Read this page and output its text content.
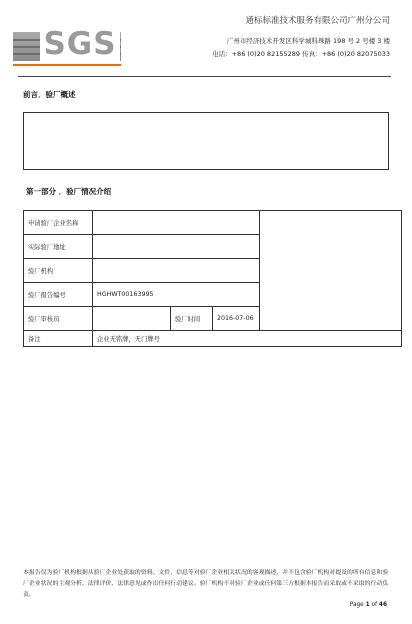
SGS
通标标准技术服务有限公司广州分公司
广州市经济技术开发区科学城科珠路 198 号 2 号楼 3 楼
电话：+86 (0)20 82155289 传真：+86 (0)20 82075033
前言．验厂概述
第一部分 ．验厂情况介绍
申请验厂企业名称				
实际验厂地址				
验厂机构				
验厂报告编号	HGHWT00163995			
验厂审核员		验厂时间	2016-07-06	
备注	企业无铭牌，无门牌号			
本报告仅为验厂机构根据从验厂企业处获取的资料、文件、信息等对验厂企业相关状况的客观描述，并不包含验厂机构对提及的所有信息和验厂企业状况的主观分析、法律评价、法律意见或作出任何行动建议。验厂机构不对验厂企业或任何第三方根据本报告而采取或不采取的行动负责。
Page 1 of 46
